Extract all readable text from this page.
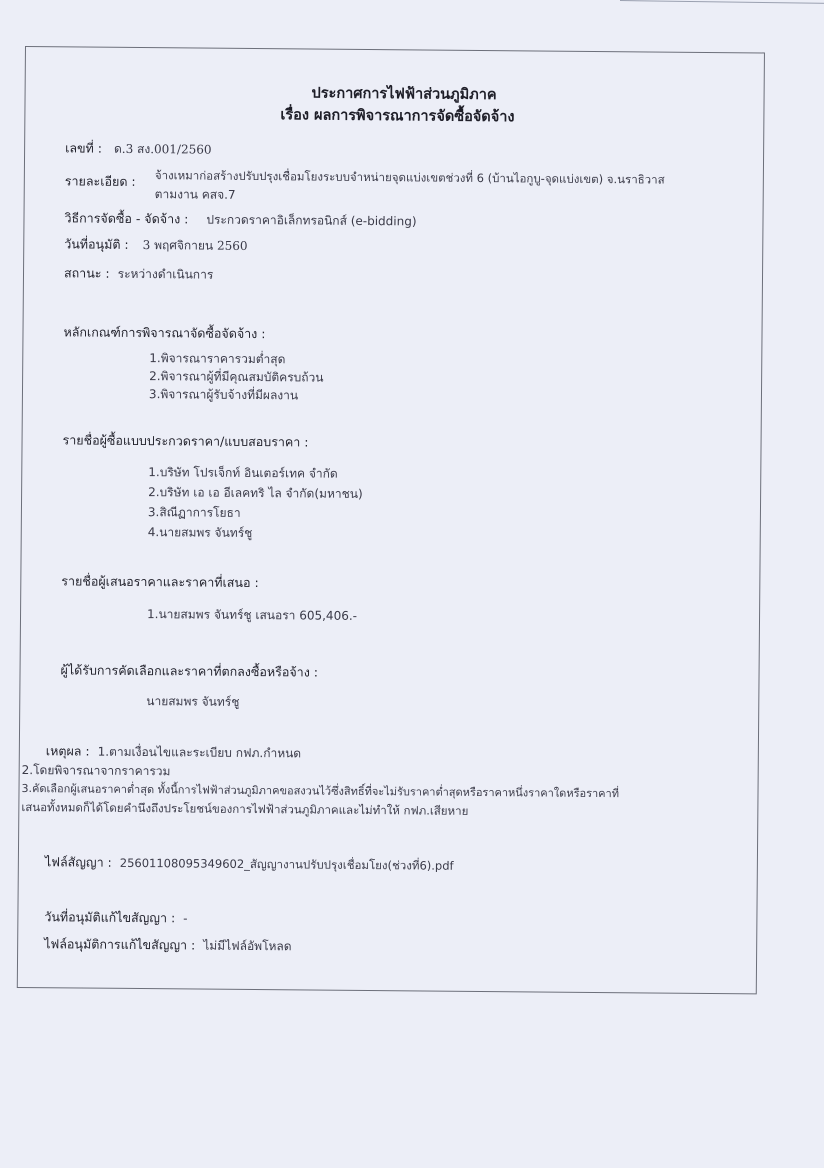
ประกาศการไฟฟ้าส่วนภูมิภาค
เรื่อง ผลการพิจารณาการจัดซื้อจัดจ้าง
เลขที่ : ด.3 สง.001/2560
รายละเอียด : จ้างเหมาก่อสร้างปรับปรุงเชื่อมโยงระบบจำหน่ายจุดแบ่งเขตช่วงที่ 6 (บ้านไอกูบู-จุดแบ่งเขต) จ.นราธิวาส
ตามงาน คสจ.7
วิธีการจัดซื้อ - จัดจ้าง : ประกวดราคาอิเล็กทรอนิกส์ (e-bidding)
วันที่อนุมัติ : 3 พฤศจิกายน 2560
สถานะ : ระหว่างดำเนินการ
หลักเกณฑ์การพิจารณาจัดซื้อจัดจ้าง :
1.พิจารณาราคารวมต่ำสุด
2.พิจารณาผู้ที่มีคุณสมบัติครบถ้วน
3.พิจารณาผู้รับจ้างที่มีผลงาน
รายชื่อผู้ซื้อแบบประกวดราคา/แบบสอบราคา :
1.บริษัท โปรเจ็กท์ อินเตอร์เทค จำกัด
2.บริษัท เอ เอ อีเลคทริ ไล จำกัด(มหาชน)
3.สิณีฏาการโยธา
4.นายสมพร จันทร์ชู
รายชื่อผู้เสนอราคาและราคาที่เสนอ :
1.นายสมพร จันทร์ชู เสนอรา 605,406.-
ผู้ได้รับการคัดเลือกและราคาที่ตกลงซื้อหรือจ้าง :
นายสมพร จันทร์ชู
เหตุผล : 1.ตามเงื่อนไขและระเบียบ กฟภ.กำหนด
2.โดยพิจารณาจากราคารวม
3.คัดเลือกผู้เสนอราคาต่ำสุด ทั้งนี้การไฟฟ้าส่วนภูมิภาคขอสงวนไว้ซึ่งสิทธิ์ที่จะไม่รับราคาต่ำสุดหรือราคาหนึ่งราคาใดหรือราคาที่
เสนอทั้งหมดก็ได้โดยคำนึงถึงประโยชน์ของการไฟฟ้าส่วนภูมิภาคและไม่ทำให้ กฟภ.เสียหาย
ไฟล์สัญญา : 25601108095349602_สัญญางานปรับปรุงเชื่อมโยง(ช่วงที่6).pdf
วันที่อนุมัติแก้ไขสัญญา : -
ไฟล์อนุมัติการแก้ไขสัญญา : ไม่มีไฟล์อัพโหลด
